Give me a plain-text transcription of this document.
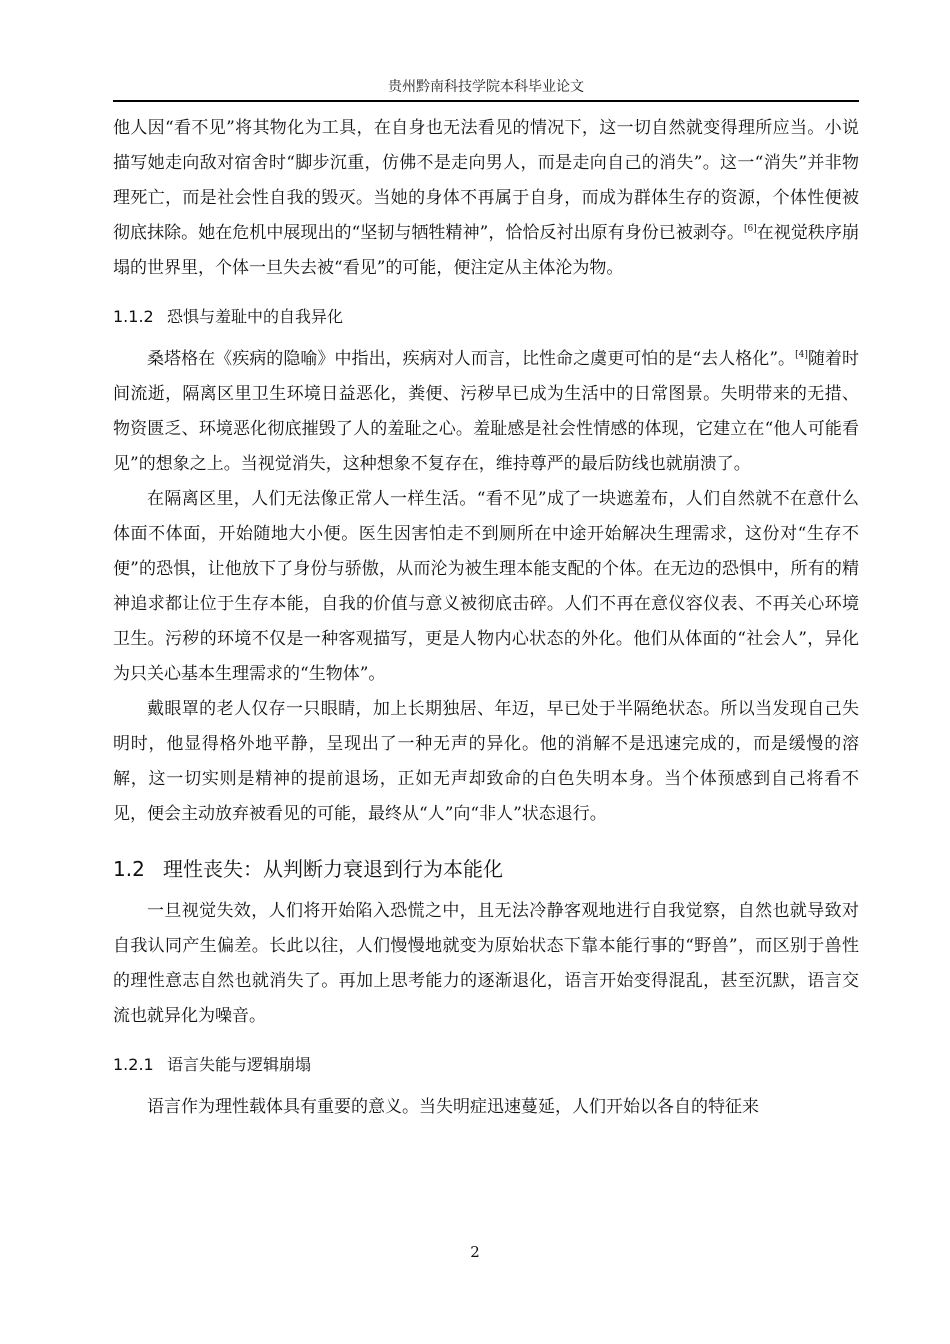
贵州黔南科技学院本科毕业论文

他人因“看不见”将其物化为工具，在自身也无法看见的情况下，这一切自然就变得理所应当。小说描写她走向敌对宿舍时“脚步沉重，仿佛不是走向男人，而是走向自己的消失”。这一“消失”并非物理死亡，而是社会性自我的毁灭。当她的身体不再属于自身，而成为群体生存的资源，个体性便被彻底抹除。她在危机中展现出的“坚韧与牺牲精神”，恰恰反衬出原有身份已被剥夺。[6]在视觉秩序崩塌的世界里，个体一旦失去被“看见”的可能，便注定从主体沦为物。

1.1.2 恐惧与羞耻中的自我异化

桑塔格在《疾病的隐喻》中指出，疾病对人而言，比性命之虞更可怕的是“去人格化”。[4]随着时间流逝，隔离区里卫生环境日益恶化，粪便、污秽早已成为生活中的日常图景。失明带来的无措、物资匮乏、环境恶化彻底摧毁了人的羞耻之心。羞耻感是社会性情感的体现，它建立在“他人可能看见”的想象之上。当视觉消失，这种想象不复存在，维持尊严的最后防线也就崩溃了。

在隔离区里，人们无法像正常人一样生活。“看不见”成了一块遮羞布，人们自然就不在意什么体面不体面，开始随地大小便。医生因害怕走不到厕所在中途开始解决生理需求，这份对“生存不便”的恐惧，让他放下了身份与骄傲，从而沦为被生理本能支配的个体。在无边的恐惧中，所有的精神追求都让位于生存本能，自我的价值与意义被彻底击碎。人们不再在意仪容仪表、不再关心环境卫生。污秽的环境不仅是一种客观描写，更是人物内心状态的外化。他们从体面的“社会人”，异化为只关心基本生理需求的“生物体”。

戴眼罩的老人仅存一只眼睛，加上长期独居、年迈，早已处于半隔绝状态。所以当发现自己失明时，他显得格外地平静，呈现出了一种无声的异化。他的消解不是迅速完成的，而是缓慢的溶解，这一切实则是精神的提前退场，正如无声却致命的白色失明本身。当个体预感到自己将看不见，便会主动放弃被看见的可能，最终从“人”向“非人”状态退行。

1.2 理性丧失：从判断力衰退到行为本能化

一旦视觉失效，人们将开始陷入恐慌之中，且无法冷静客观地进行自我觉察，自然也就导致对自我认同产生偏差。长此以往，人们慢慢地就变为原始状态下靠本能行事的“野兽”，而区别于兽性的理性意志自然也就消失了。再加上思考能力的逐渐退化，语言开始变得混乱，甚至沉默，语言交流也就异化为噪音。

1.2.1 语言失能与逻辑崩塌

语言作为理性载体具有重要的意义。当失明症迅速蔓延，人们开始以各自的特征来

2
